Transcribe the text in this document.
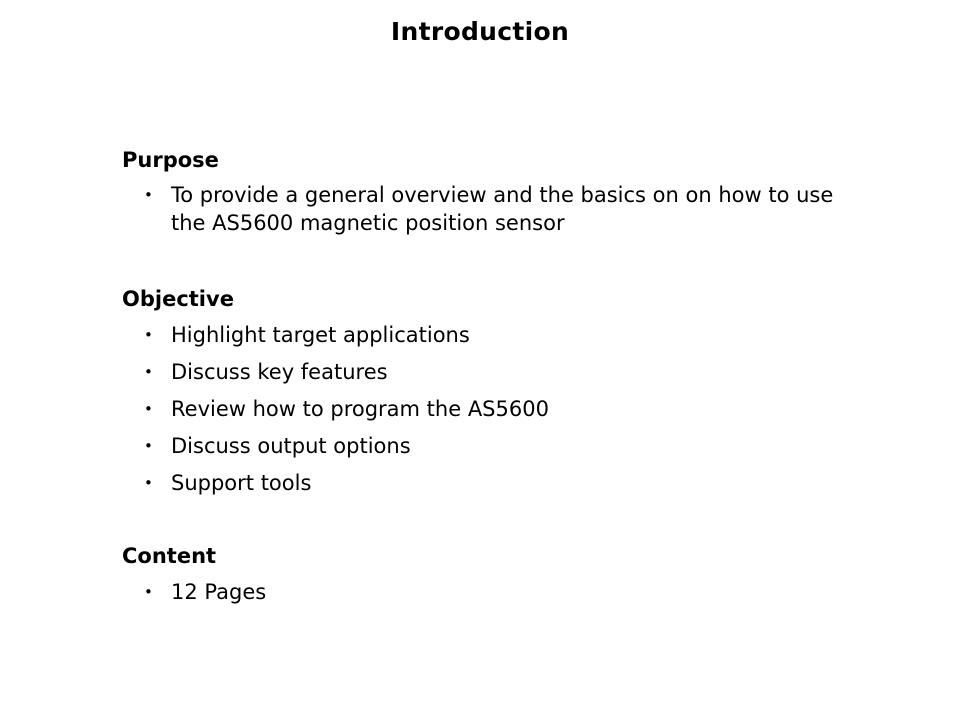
Introduction
Purpose
• To provide a general overview and the basics on on how to use the AS5600 magnetic position sensor
Objective
• Highlight target applications
• Discuss key features
• Review how to program the AS5600
• Discuss output options
• Support tools
Content
• 12 Pages
